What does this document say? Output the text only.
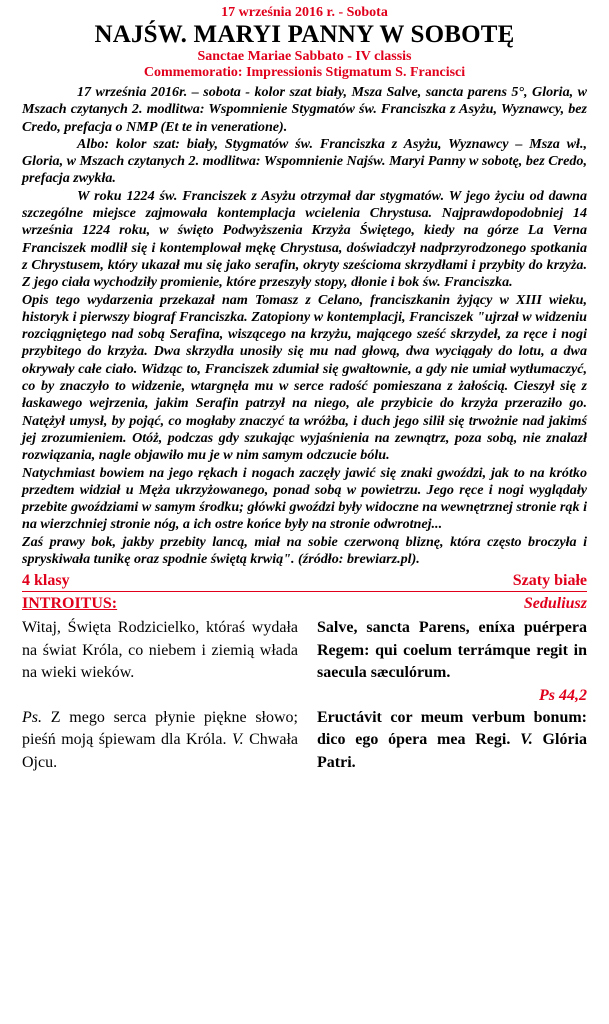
17 września 2016 r. - Sobota
NAJŚW. MARYI PANNY W SOBOTĘ
Sanctae Mariae Sabbato - IV classis
Commemoratio: Impressionis Stigmatum S. Francisci

17 września 2016r. – sobota - kolor szat biały, Msza Salve, sancta parens 5°, Gloria, w Mszach czytanych 2. modlitwa: Wspomnienie Stygmatów św. Franciszka z Asyżu, Wyznawcy, bez Credo, prefacja o NMP (Et te in veneratione).

Albo: kolor szat: biały, Stygmatów św. Franciszka z Asyżu, Wyznawcy – Msza wł., Gloria, w Mszach czytanych 2. modlitwa: Wspomnienie Najśw. Maryi Panny w sobotę, bez Credo, prefacja zwykła.

W roku 1224 św. Franciszek z Asyżu otrzymał dar stygmatów. W jego życiu od dawna szczególne miejsce zajmowała kontemplacja wcielenia Chrystusa. Najprawdopodobniej 14 września 1224 roku, w święto Podwyższenia Krzyża Świętego, kiedy na górze La Verna Franciszek modlił się i kontemplował mękę Chrystusa, doświadczył nadprzyrodzonego spotkania z Chrystusem, który ukazał mu się jako serafin, okryty sześcioma skrzydłami i przybity do krzyża. Z jego ciała wychodziły promienie, które przeszyły stopy, dłonie i bok św. Franciszka.

Opis tego wydarzenia przekazał nam Tomasz z Celano, franciszkanin żyjący w XIII wieku, historyk i pierwszy biograf Franciszka. Zatopiony w kontemplacji, Franciszek "ujrzał w widzeniu rozciągniętego nad sobą Serafina, wiszącego na krzyżu, mającego sześć skrzydeł, za ręce i nogi przybitego do krzyża. Dwa skrzydła unosiły się mu nad głową, dwa wyciągały do lotu, a dwa okrywały całe ciało. Widząc to, Franciszek zdumiał się gwałtownie, a gdy nie umiał wytłumaczyć, co by znaczyło to widzenie, wtargnęła mu w serce radość pomieszana z żałością. Cieszył się z łaskawego wejrzenia, jakim Serafin patrzył na niego, ale przybicie do krzyża przeraziło go. Natężył umysł, by pojąć, co mogłaby znaczyć ta wróżba, i duch jego silił się trwożnie nad jakimś jej zrozumieniem. Otóż, podczas gdy szukając wyjaśnienia na zewnątrz, poza sobą, nie znalazł rozwiązania, nagle objawiło mu je w nim samym odczucie bólu.

Natychmiast bowiem na jego rękach i nogach zaczęły jawić się znaki gwoździ, jak to na krótko przedtem widział u Męża ukrzyżowanego, ponad sobą w powietrzu. Jego ręce i nogi wyglądały przebite gwoździami w samym środku; główki gwoździ były widoczne na wewnętrznej stronie rąk i na wierzchniej stronie nóg, a ich ostre końce były na stronie odwrotnej...

Zaś prawy bok, jakby przebity lancą, miał na sobie czerwoną bliznę, która często broczyła i spryskiwała tunikę oraz spodnie świętą krwią". (źródło: brewiarz.pl).

4 klasy	Szaty białe
INTROITUS:	Seduliusz

Witaj, Święta Rodzicielko, któraś wydała na świat Króla, co niebem i ziemią włada na wieki wieków.

Ps. Z mego serca płynie piękne słowo; pieśń moją śpiewam dla Króla. V. Chwała Ojcu.

Salve, sancta Parens, eníxa puérpera Regem: qui coelum terrámque regit in saecula sæculórum.

Ps 44,2

Eructávit cor meum verbum bonum: dico ego ópera mea Regi. V. Glória Patri.
